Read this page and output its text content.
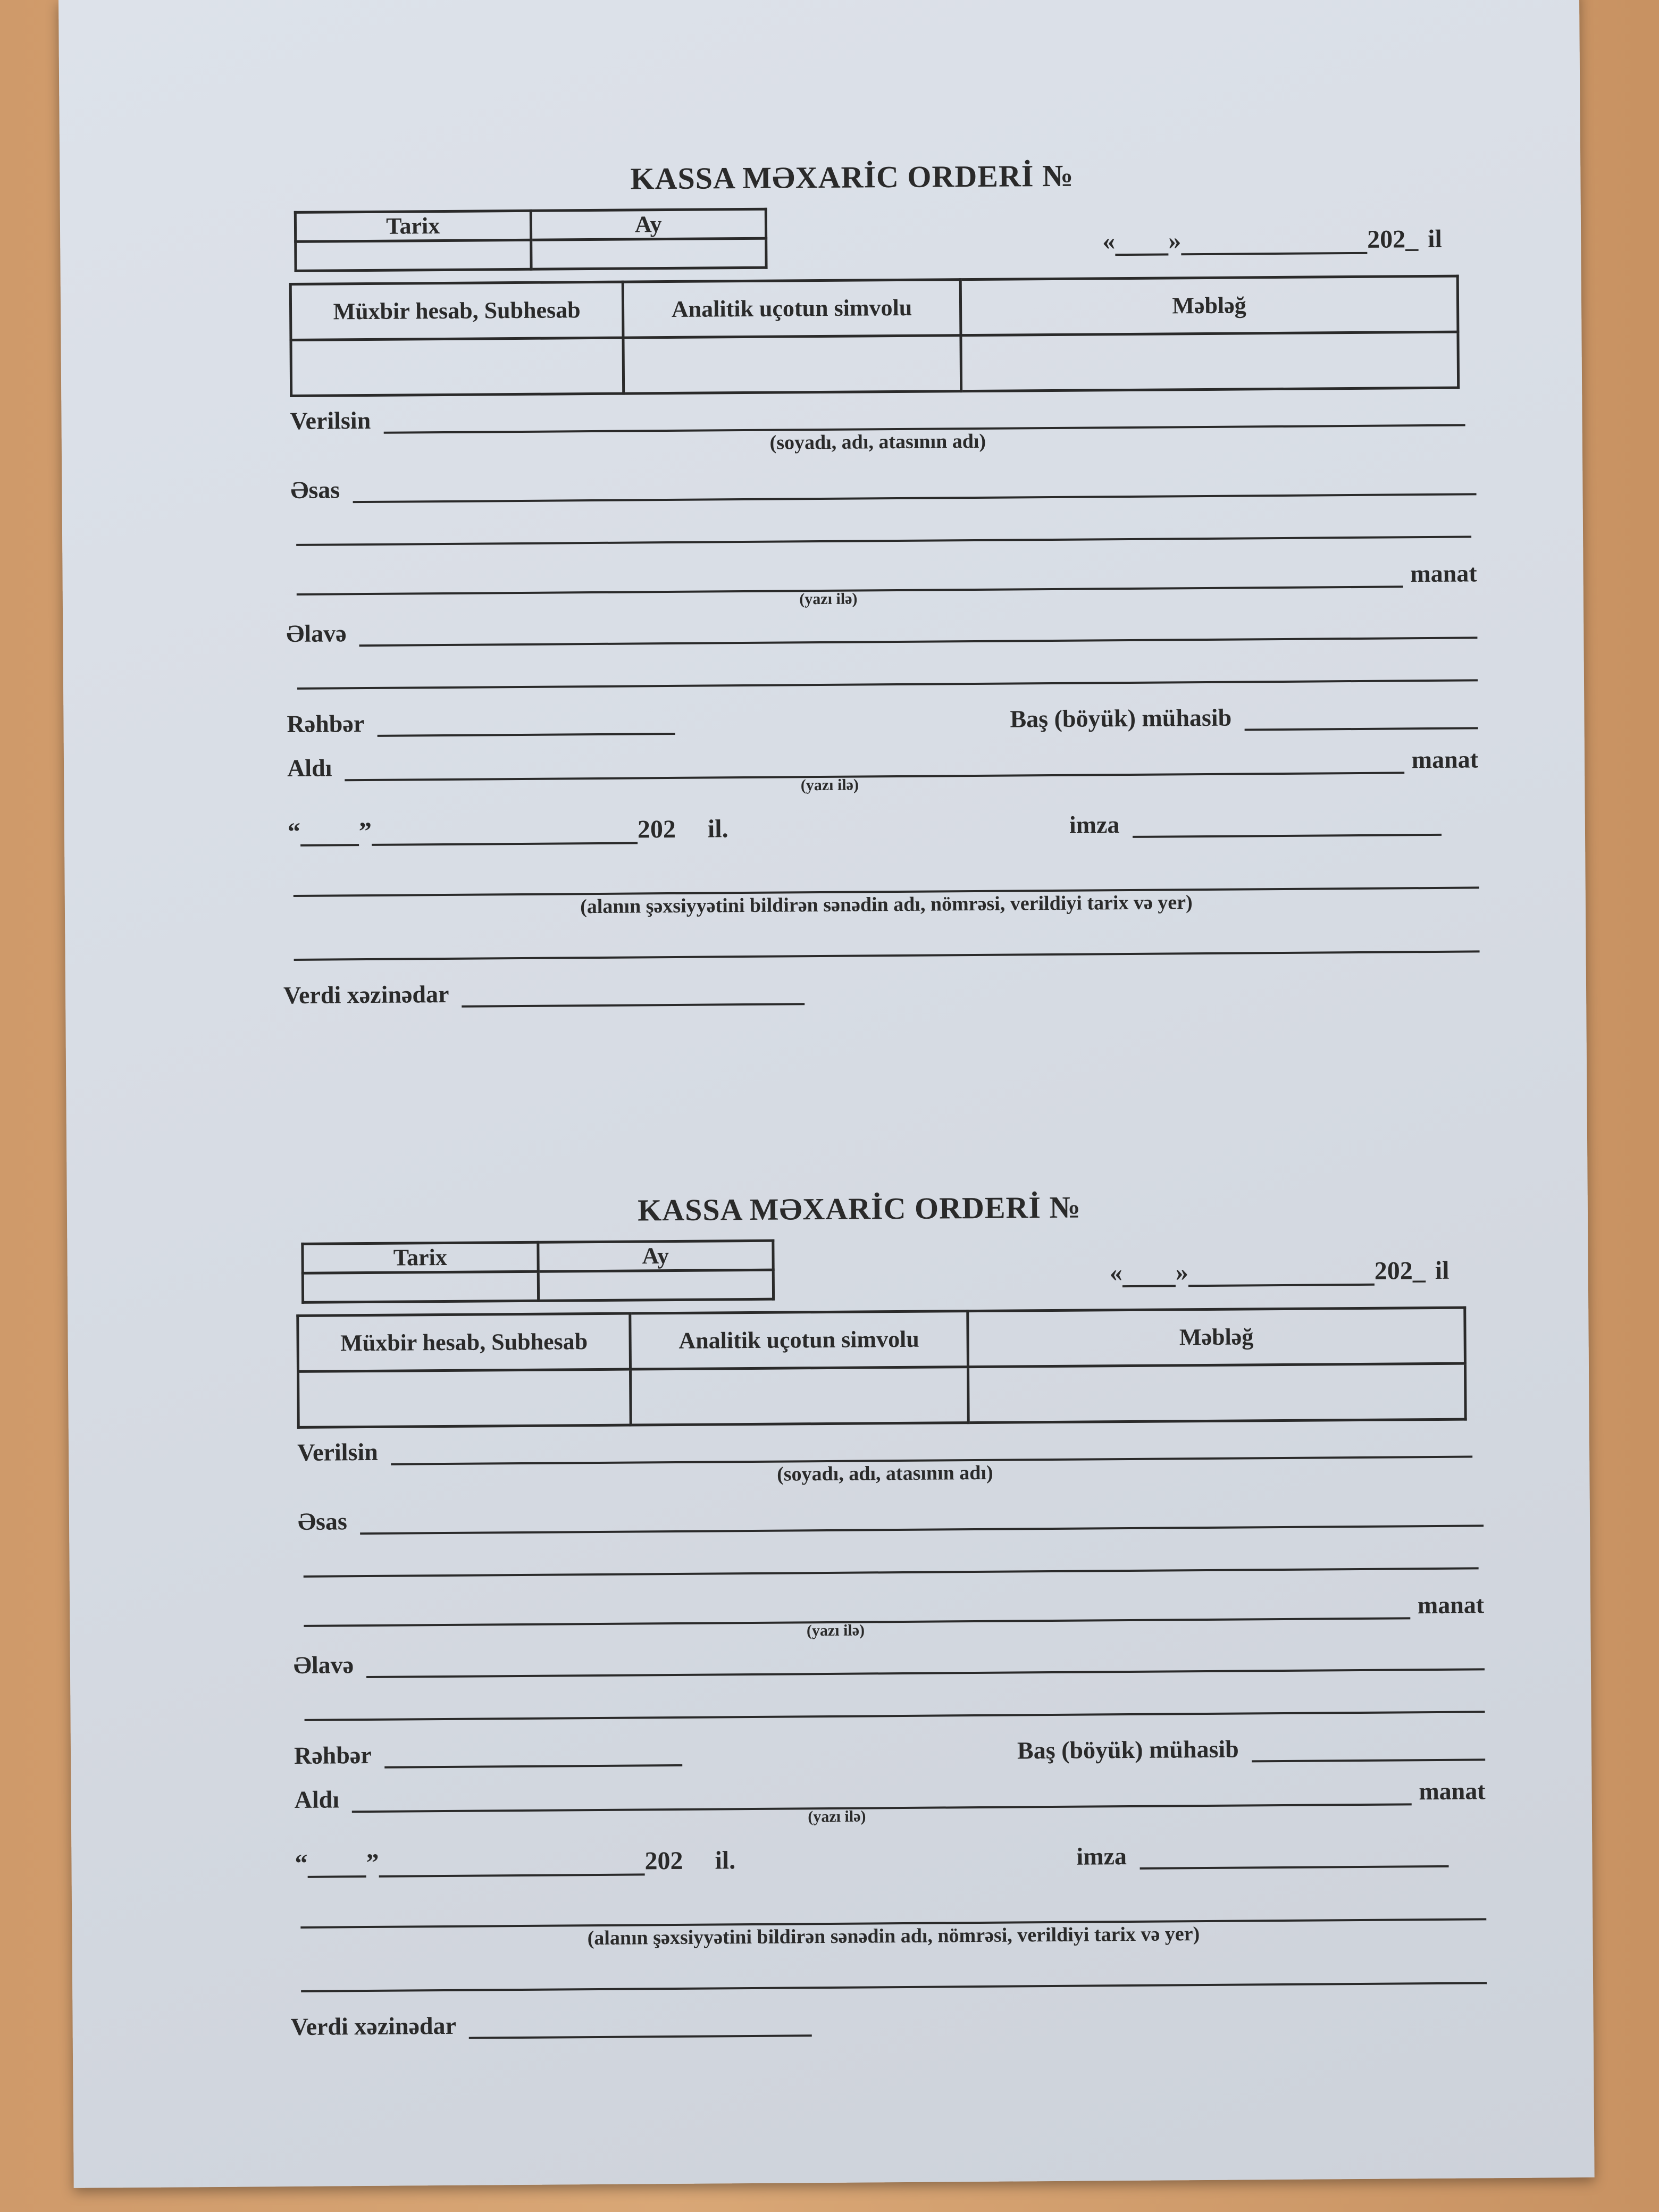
KASSA MƏXARİC ORDERİ №
Tarix	Ay

« »	202_ il
Müxbir hesab, Subhesab	Analitik uçotun simvolu	Məbləğ

Verilsin
(soyadı, adı, atasının adı)
Əsas
manat
(yazı ilə)
Əlavə
Rəhbər	Baş (böyük) mühasib
Aldı	manat
(yazı ilə)
“ ”	202	il.	imza
(alanın şəxsiyyətini bildirən sənədin adı, nömrəsi, verildiyi tarix və yer)
Verdi xəzinədar
KASSA MƏXARİC ORDERİ №
Tarix	Ay

« »	202_ il
Müxbir hesab, Subhesab	Analitik uçotun simvolu	Məbləğ

Verilsin
(soyadı, adı, atasının adı)
Əsas
manat
(yazı ilə)
Əlavə
Rəhbər	Baş (böyük) mühasib
Aldı	manat
(yazı ilə)
“ ”	202	il.	imza
(alanın şəxsiyyətini bildirən sənədin adı, nömrəsi, verildiyi tarix və yer)
Verdi xəzinədar
